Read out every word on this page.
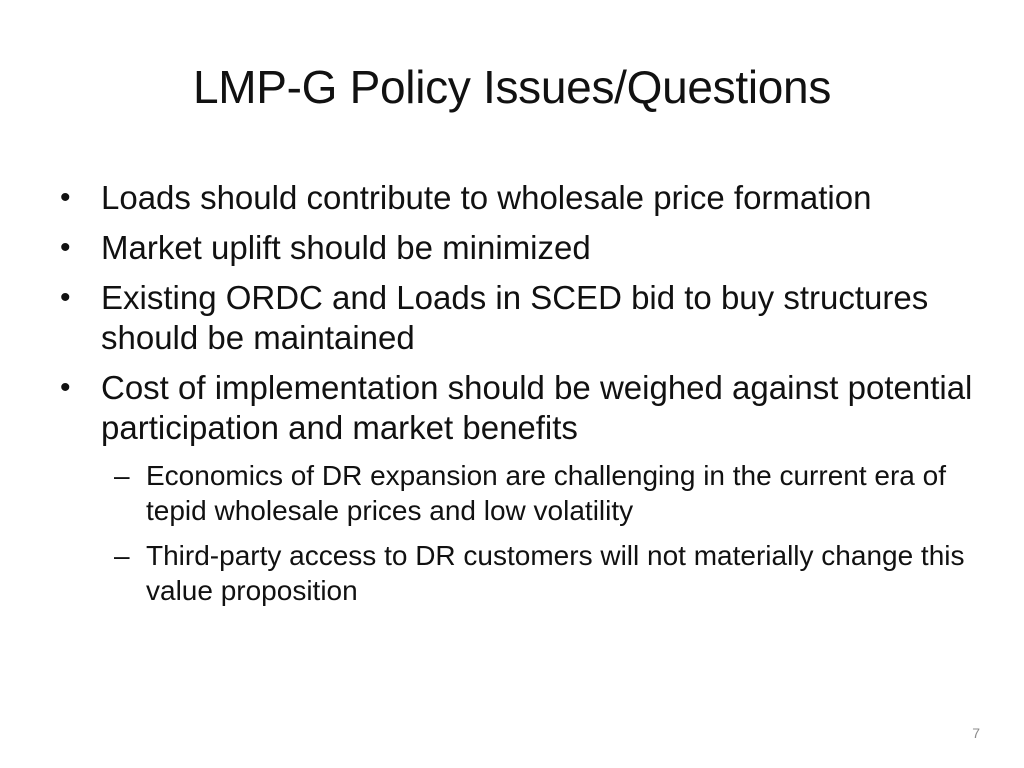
LMP-G Policy Issues/Questions
• Loads should contribute to wholesale price formation
• Market uplift should be minimized
• Existing ORDC and Loads in SCED bid to buy structures should be maintained
• Cost of implementation should be weighed against potential participation and market benefits
– Economics of DR expansion are challenging in the current era of tepid wholesale prices and low volatility
– Third-party access to DR customers will not materially change this value proposition
7
